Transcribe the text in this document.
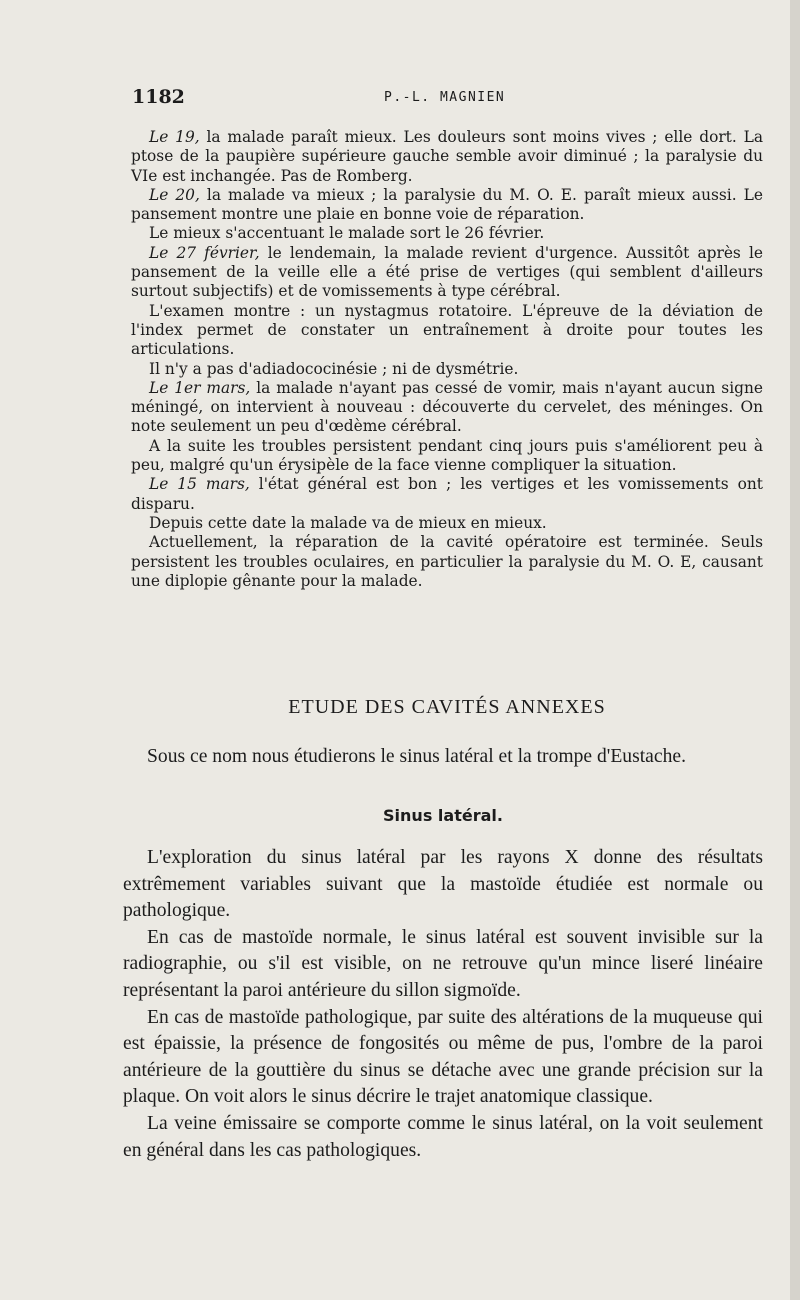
1182	P.-L. MAGNIEN

Le 19, la malade paraît mieux. Les douleurs sont moins vives ; elle dort. La ptose de la paupière supérieure gauche semble avoir diminué ; la paralysie du VIe est inchangée. Pas de Romberg.

Le 20, la malade va mieux ; la paralysie du M. O. E. paraît mieux aussi. Le pansement montre une plaie en bonne voie de réparation.

Le mieux s'accentuant le malade sort le 26 février.

Le 27 février, le lendemain, la malade revient d'urgence. Aussitôt après le pansement de la veille elle a été prise de vertiges (qui semblent d'ailleurs surtout subjectifs) et de vomissements à type cérébral.

L'examen montre : un nystagmus rotatoire. L'épreuve de la déviation de l'index permet de constater un entraînement à droite pour toutes les articulations.

Il n'y a pas d'adiadococinésie ; ni de dysmétrie.

Le 1er mars, la malade n'ayant pas cessé de vomir, mais n'ayant aucun signe méningé, on intervient à nouveau : découverte du cervelet, des méninges. On note seulement un peu d'œdème cérébral.

A la suite les troubles persistent pendant cinq jours puis s'améliorent peu à peu, malgré qu'un érysipèle de la face vienne compliquer la situation.

Le 15 mars, l'état général est bon ; les vertiges et les vomissements ont disparu.

Depuis cette date la malade va de mieux en mieux.

Actuellement, la réparation de la cavité opératoire est terminée. Seuls persistent les troubles oculaires, en particulier la paralysie du M. O. E, causant une diplopie gênante pour la malade.

ETUDE DES CAVITÉS ANNEXES

Sous ce nom nous étudierons le sinus latéral et la trompe d'Eustache.

Sinus latéral.

L'exploration du sinus latéral par les rayons X donne des résultats extrêmement variables suivant que la mastoïde étudiée est normale ou pathologique.

En cas de mastoïde normale, le sinus latéral est souvent invisible sur la radiographie, ou s'il est visible, on ne retrouve qu'un mince liseré linéaire représentant la paroi antérieure du sillon sigmoïde.

En cas de mastoïde pathologique, par suite des altérations de la muqueuse qui est épaissie, la présence de fongosités ou même de pus, l'ombre de la paroi antérieure de la gouttière du sinus se détache avec une grande précision sur la plaque. On voit alors le sinus décrire le trajet anatomique classique.

La veine émissaire se comporte comme le sinus latéral, on la voit seulement en général dans les cas pathologiques.
